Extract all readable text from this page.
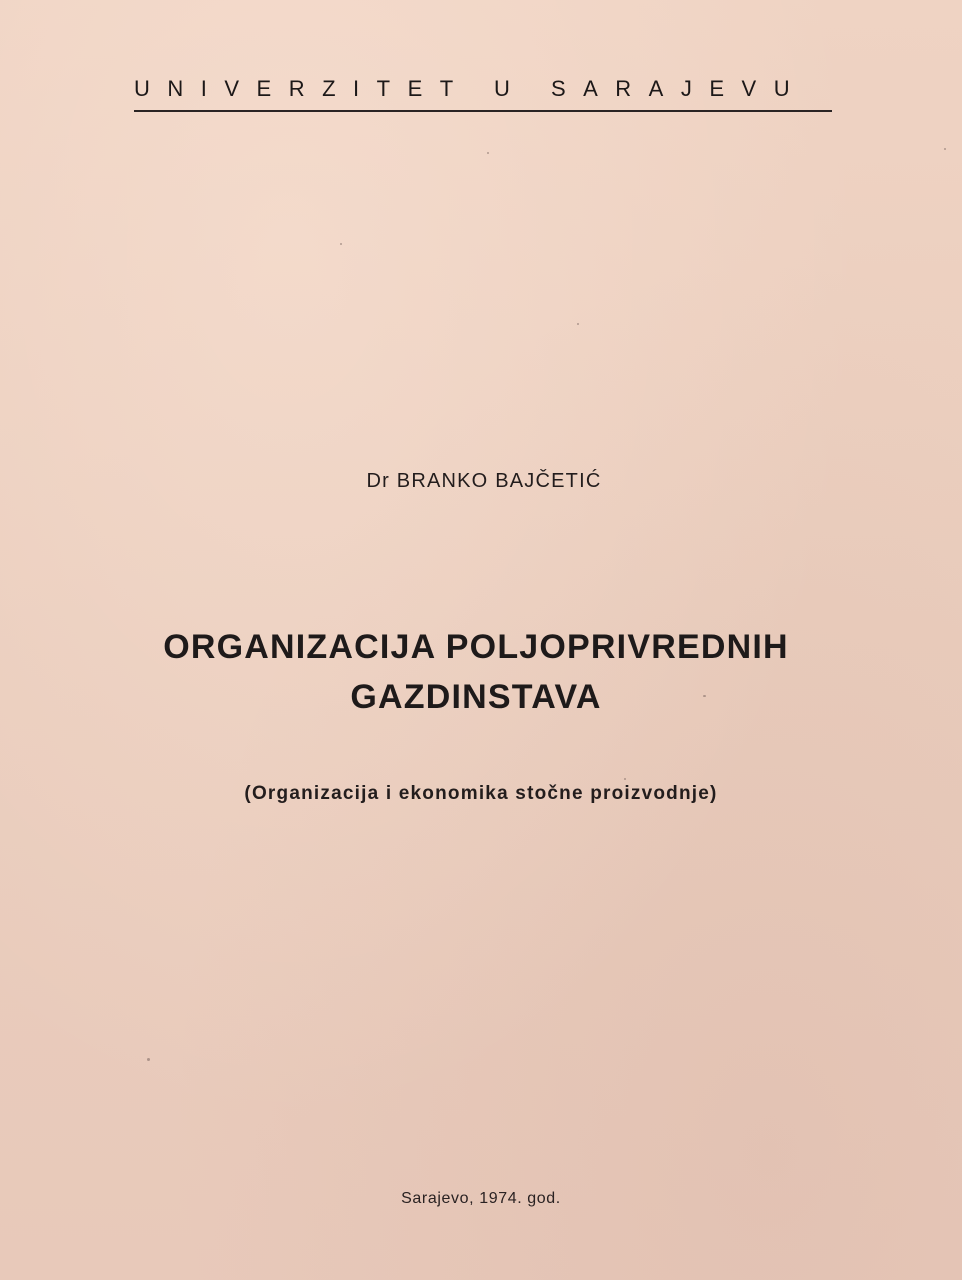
UNIVERZITET U SARAJEVU
Dr BRANKO BAJČETIĆ
ORGANIZACIJA POLJOPRIVREDNIH
GAZDINSTAVA
(Organizacija i ekonomika stočne proizvodnje)
Sarajevo, 1974. god.
